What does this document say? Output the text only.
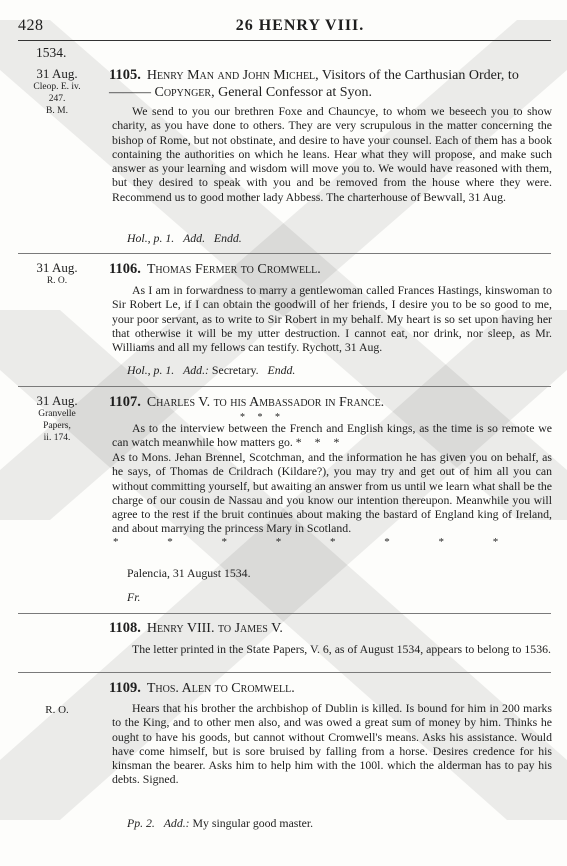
428	26 HENRY VIII.
1534.
31 Aug.
Cleop. E. iv.
247.
B. M.
1105. Henry Man and John Michel, Visitors of the Carthusian Order, to ——— Copynger, General Confessor at Syon.

We send to you our brethren Foxe and Chauncye, to whom we beseech you to show charity, as you have done to others. They are very scrupulous in the matter concerning the bishop of Rome, but not obstinate, and desire to have your counsel. Each of them has a book containing the authorities on which he leans. Hear what they will propose, and make such answer as your learning and wisdom will move you to. We would have reasoned with them, but they desired to speak with you and be removed from the house where they were. Recommend us to good mother lady Abbess. The charterhouse of Bewvall, 31 Aug.

Hol., p. 1. Add. Endd.
31 Aug.
R. O.
1106. Thomas Fermer to Cromwell.

As I am in forwardness to marry a gentlewoman called Frances Hastings, kinswoman to Sir Robert Le, if I can obtain the goodwill of her friends, I desire you to be so good to me, your poor servant, as to write to Sir Robert in my behalf. My heart is so set upon having her that otherwise it will be my utter destruction. I cannot eat, nor drink, nor sleep, as Mr. Williams and all my fellows can testify. Rychott, 31 Aug.

Hol., p. 1. Add.: Secretary. Endd.
31 Aug.
Granvelle
Papers,
ii. 174.
1107. Charles V. to his Ambassador in France.
* * *

As to the interview between the French and English kings, as the time is so remote we can watch meanwhile how matters go. * * *

As to Mons. Jehan Brennel, Scotchman, and the information he has given you on behalf, as he says, of Thomas de Crildrach (Kildare?), you may try and get out of him all you can without committing yourself, but awaiting an answer from us until we learn what shall be the charge of our cousin de Nassau and you know our intention thereupon. Meanwhile you will agree to the rest if the bruit continues about making the bastard of England king of Ireland, and about marrying the princess Mary in Scotland.

* * * * * * * *
Palencia, 31 August 1534.
Fr.
1108. Henry VIII. to James V.

The letter printed in the State Papers, V. 6, as of August 1534, appears to belong to 1536.

R. O.
1109. Thos. Alen to Cromwell.

Hears that his brother the archbishop of Dublin is killed. Is bound for him in 200 marks to the King, and to other men also, and was owed a great sum of money by him. Thinks he ought to have his goods, but cannot without Cromwell's means. Asks his assistance. Would have come himself, but is sore bruised by falling from a horse. Desires credence for his kinsman the bearer. Asks him to help him with the 100l. which the alderman has to pay his debts. Signed.

Pp. 2. Add.: My singular good master.
